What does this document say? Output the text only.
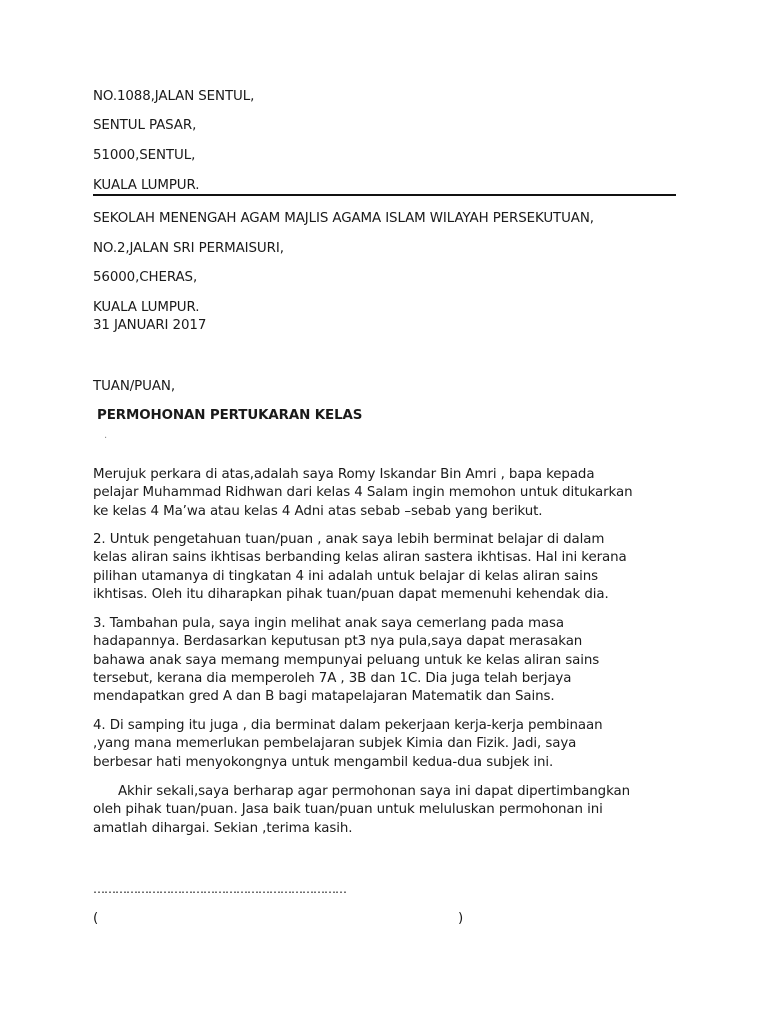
NO.1088,JALAN SENTUL,
SENTUL PASAR,
51000,SENTUL,
KUALA LUMPUR.
SEKOLAH MENENGAH AGAM MAJLIS AGAMA ISLAM WILAYAH PERSEKUTUAN,
NO.2,JALAN SRI PERMAISURI,
56000,CHERAS,
KUALA LUMPUR.
31 JANUARI 2017
TUAN/PUAN,
PERMOHONAN PERTUKARAN KELAS
.
Merujuk perkara di atas,adalah saya Romy Iskandar Bin Amri , bapa kepada
pelajar Muhammad Ridhwan dari kelas 4 Salam ingin memohon untuk ditukarkan
ke kelas 4 Ma’wa atau kelas 4 Adni atas sebab –sebab yang berikut.
2. Untuk pengetahuan tuan/puan , anak saya lebih berminat belajar di dalam
kelas aliran sains ikhtisas berbanding kelas aliran sastera ikhtisas. Hal ini kerana
pilihan utamanya di tingkatan 4 ini adalah untuk belajar di kelas aliran sains
ikhtisas. Oleh itu diharapkan pihak tuan/puan dapat memenuhi kehendak dia.
3. Tambahan pula, saya ingin melihat anak saya cemerlang pada masa
hadapannya. Berdasarkan keputusan pt3 nya pula,saya dapat merasakan
bahawa anak saya memang mempunyai peluang untuk ke kelas aliran sains
tersebut, kerana dia memperoleh 7A , 3B dan 1C. Dia juga telah berjaya
mendapatkan gred A dan B bagi matapelajaran Matematik dan Sains.
4. Di samping itu juga , dia berminat dalam pekerjaan kerja-kerja pembinaan
,yang mana memerlukan pembelajaran subjek Kimia dan Fizik. Jadi, saya
berbesar hati menyokongnya untuk mengambil kedua-dua subjek ini.
Akhir sekali,saya berharap agar permohonan saya ini dapat dipertimbangkan
oleh pihak tuan/puan. Jasa baik tuan/puan untuk meluluskan permohonan ini
amatlah dihargai. Sekian ,terima kasih.
……………………………………………………………
(	)
